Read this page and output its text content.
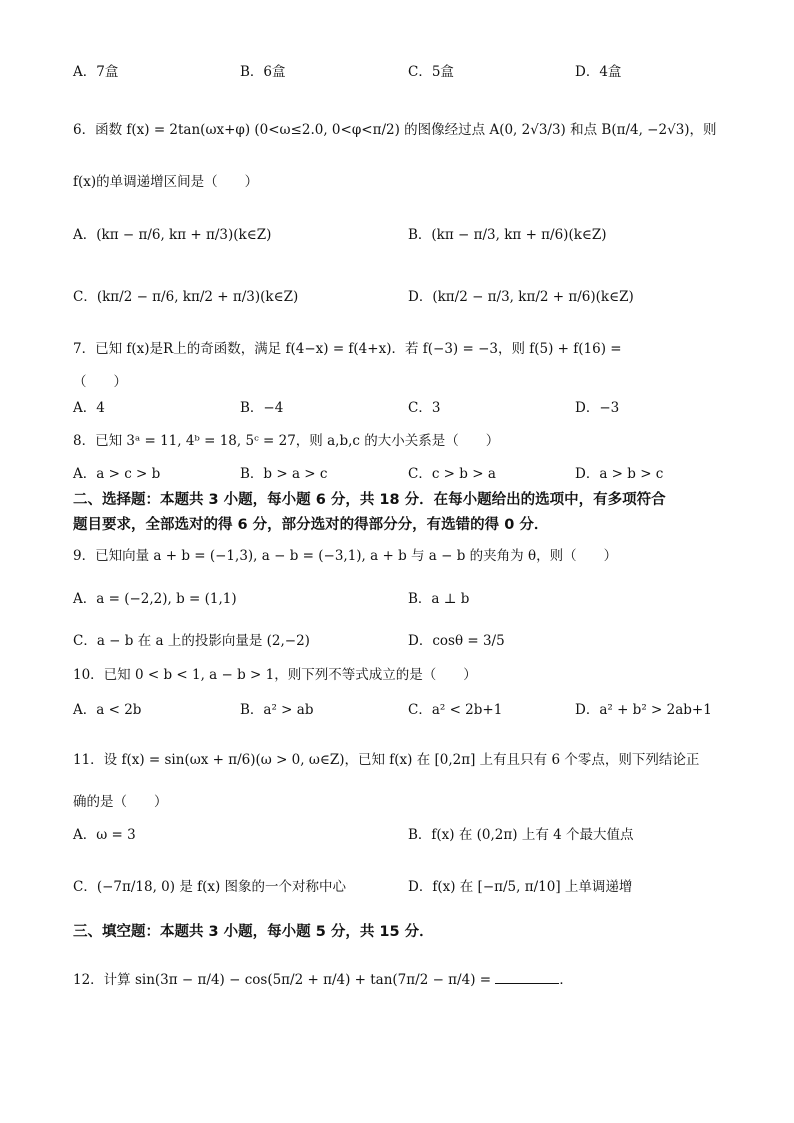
A．7盒	B．6盒	C．5盒	D．4盒
6．函数 f(x) = 2tan(ωx+φ) (0<ω≤2.0, 0<φ<π/2) 的图像经过点 A(0, 2√3/3) 和点 B(π/4, −2√3)，则
f(x)的单调递增区间是（　　）
A．(kπ − π/6, kπ + π/3)(k∈Z)	B．(kπ − π/3, kπ + π/6)(k∈Z)
C．(kπ/2 − π/6, kπ/2 + π/3)(k∈Z)	D．(kπ/2 − π/3, kπ/2 + π/6)(k∈Z)
7．已知 f(x)是R上的奇函数，满足 f(4−x) = f(4+x)．若 f(−3) = −3，则 f(5) + f(16) =
（　　）
A．4	B．−4	C．3	D．−3
8．已知 3ᵃ = 11, 4ᵇ = 18, 5ᶜ = 27，则 a,b,c 的大小关系是（　　）
A．a > c > b	B．b > a > c	C．c > b > a	D．a > b > c
二、选择题：本题共 3 小题，每小题 6 分，共 18 分．在每小题给出的选项中，有多项符合
题目要求，全部选对的得 6 分，部分选对的得部分分，有选错的得 0 分．
9．已知向量 a + b = (−1,3), a − b = (−3,1), a + b 与 a − b 的夹角为 θ，则（　　）
A．a = (−2,2), b = (1,1)	B．a ⊥ b
C．a − b 在 a 上的投影向量是 (2,−2)	D．cosθ = 3/5
10．已知 0 < b < 1, a − b > 1，则下列不等式成立的是（　　）
A．a < 2b	B．a² > ab	C．a² < 2b+1	D．a² + b² > 2ab+1
11．设 f(x) = sin(ωx + π/6)(ω > 0, ω∈Z)，已知 f(x) 在 [0,2π] 上有且只有 6 个零点，则下列结论正
确的是（　　）
A．ω = 3	B．f(x) 在 (0,2π) 上有 4 个最大值点
C．(−7π/18, 0) 是 f(x) 图象的一个对称中心	D．f(x) 在 [−π/5, π/10] 上单调递增
三、填空题：本题共 3 小题，每小题 5 分，共 15 分．
12．计算 sin(3π − π/4) − cos(5π/2 + π/4) + tan(7π/2 − π/4) =	．
